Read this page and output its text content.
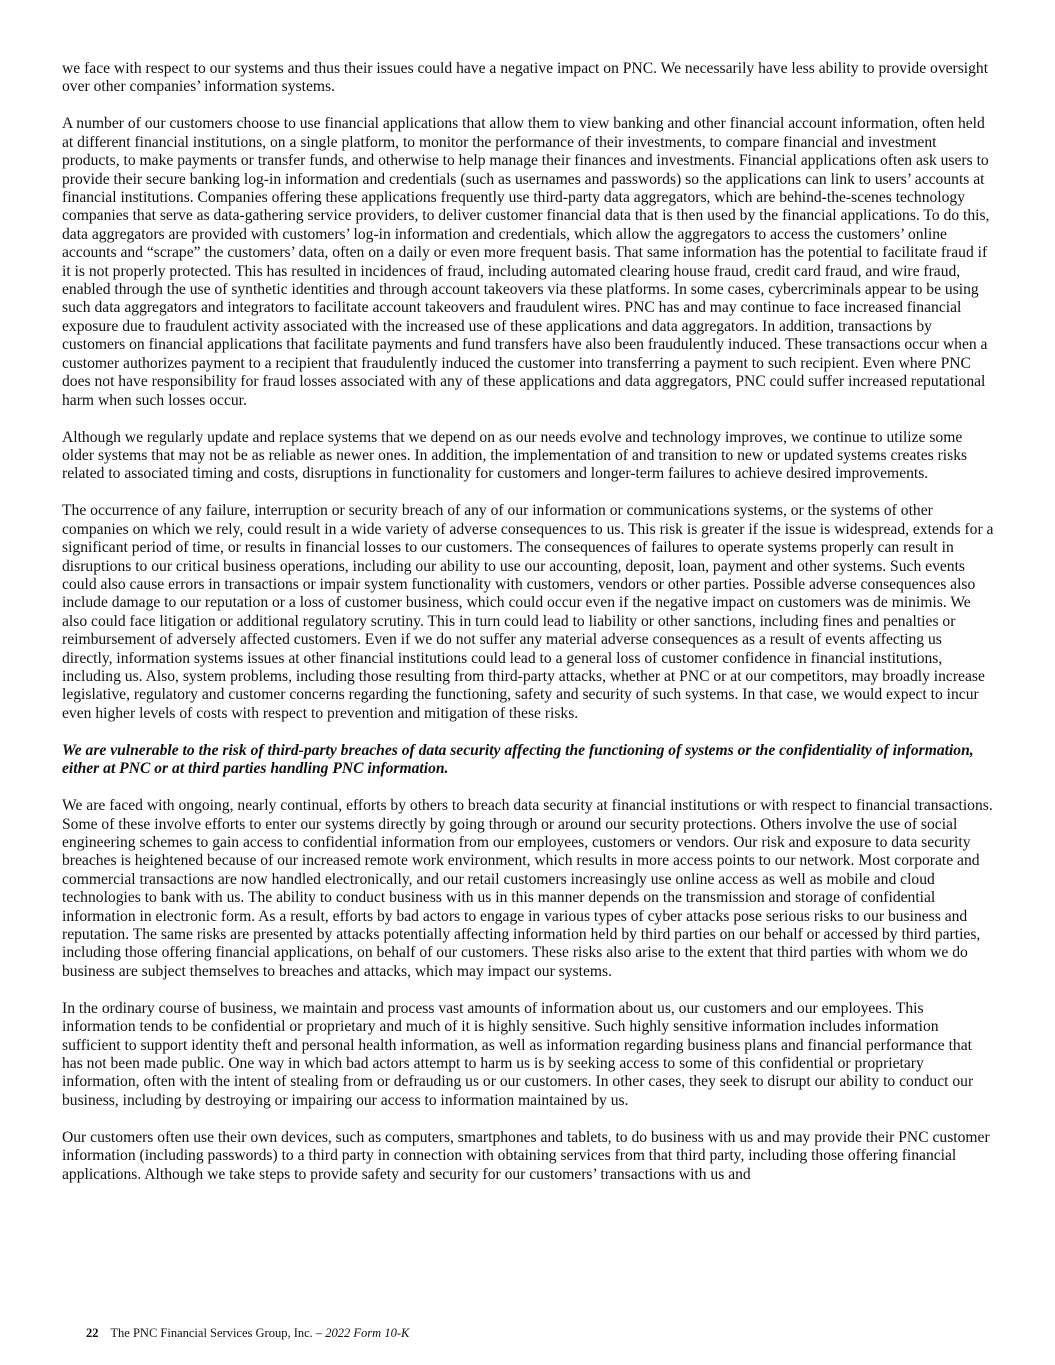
we face with respect to our systems and thus their issues could have a negative impact on PNC. We necessarily have less ability to provide oversight over other companies’ information systems.

A number of our customers choose to use financial applications that allow them to view banking and other financial account information, often held at different financial institutions, on a single platform, to monitor the performance of their investments, to compare financial and investment products, to make payments or transfer funds, and otherwise to help manage their finances and investments. Financial applications often ask users to provide their secure banking log-in information and credentials (such as usernames and passwords) so the applications can link to users’ accounts at financial institutions. Companies offering these applications frequently use third-party data aggregators, which are behind-the-scenes technology companies that serve as data-gathering service providers, to deliver customer financial data that is then used by the financial applications. To do this, data aggregators are provided with customers’ log-in information and credentials, which allow the aggregators to access the customers’ online accounts and “scrape” the customers’ data, often on a daily or even more frequent basis. That same information has the potential to facilitate fraud if it is not properly protected. This has resulted in incidences of fraud, including automated clearing house fraud, credit card fraud, and wire fraud, enabled through the use of synthetic identities and through account takeovers via these platforms. In some cases, cybercriminals appear to be using such data aggregators and integrators to facilitate account takeovers and fraudulent wires. PNC has and may continue to face increased financial exposure due to fraudulent activity associated with the increased use of these applications and data aggregators. In addition, transactions by customers on financial applications that facilitate payments and fund transfers have also been fraudulently induced. These transactions occur when a customer authorizes payment to a recipient that fraudulently induced the customer into transferring a payment to such recipient. Even where PNC does not have responsibility for fraud losses associated with any of these applications and data aggregators, PNC could suffer increased reputational harm when such losses occur.

Although we regularly update and replace systems that we depend on as our needs evolve and technology improves, we continue to utilize some older systems that may not be as reliable as newer ones. In addition, the implementation of and transition to new or updated systems creates risks related to associated timing and costs, disruptions in functionality for customers and longer-term failures to achieve desired improvements.

The occurrence of any failure, interruption or security breach of any of our information or communications systems, or the systems of other companies on which we rely, could result in a wide variety of adverse consequences to us. This risk is greater if the issue is widespread, extends for a significant period of time, or results in financial losses to our customers. The consequences of failures to operate systems properly can result in disruptions to our critical business operations, including our ability to use our accounting, deposit, loan, payment and other systems. Such events could also cause errors in transactions or impair system functionality with customers, vendors or other parties. Possible adverse consequences also include damage to our reputation or a loss of customer business, which could occur even if the negative impact on customers was de minimis. We also could face litigation or additional regulatory scrutiny. This in turn could lead to liability or other sanctions, including fines and penalties or reimbursement of adversely affected customers. Even if we do not suffer any material adverse consequences as a result of events affecting us directly, information systems issues at other financial institutions could lead to a general loss of customer confidence in financial institutions, including us. Also, system problems, including those resulting from third-party attacks, whether at PNC or at our competitors, may broadly increase legislative, regulatory and customer concerns regarding the functioning, safety and security of such systems. In that case, we would expect to incur even higher levels of costs with respect to prevention and mitigation of these risks.

We are vulnerable to the risk of third-party breaches of data security affecting the functioning of systems or the confidentiality of information, either at PNC or at third parties handling PNC information.

We are faced with ongoing, nearly continual, efforts by others to breach data security at financial institutions or with respect to financial transactions. Some of these involve efforts to enter our systems directly by going through or around our security protections. Others involve the use of social engineering schemes to gain access to confidential information from our employees, customers or vendors. Our risk and exposure to data security breaches is heightened because of our increased remote work environment, which results in more access points to our network. Most corporate and commercial transactions are now handled electronically, and our retail customers increasingly use online access as well as mobile and cloud technologies to bank with us. The ability to conduct business with us in this manner depends on the transmission and storage of confidential information in electronic form. As a result, efforts by bad actors to engage in various types of cyber attacks pose serious risks to our business and reputation. The same risks are presented by attacks potentially affecting information held by third parties on our behalf or accessed by third parties, including those offering financial applications, on behalf of our customers. These risks also arise to the extent that third parties with whom we do business are subject themselves to breaches and attacks, which may impact our systems.

In the ordinary course of business, we maintain and process vast amounts of information about us, our customers and our employees. This information tends to be confidential or proprietary and much of it is highly sensitive. Such highly sensitive information includes information sufficient to support identity theft and personal health information, as well as information regarding business plans and financial performance that has not been made public. One way in which bad actors attempt to harm us is by seeking access to some of this confidential or proprietary information, often with the intent of stealing from or defrauding us or our customers. In other cases, they seek to disrupt our ability to conduct our business, including by destroying or impairing our access to information maintained by us.

Our customers often use their own devices, such as computers, smartphones and tablets, to do business with us and may provide their PNC customer information (including passwords) to a third party in connection with obtaining services from that third party, including those offering financial applications. Although we take steps to provide safety and security for our customers’ transactions with us and

22 The PNC Financial Services Group, Inc. – 2022 Form 10-K
